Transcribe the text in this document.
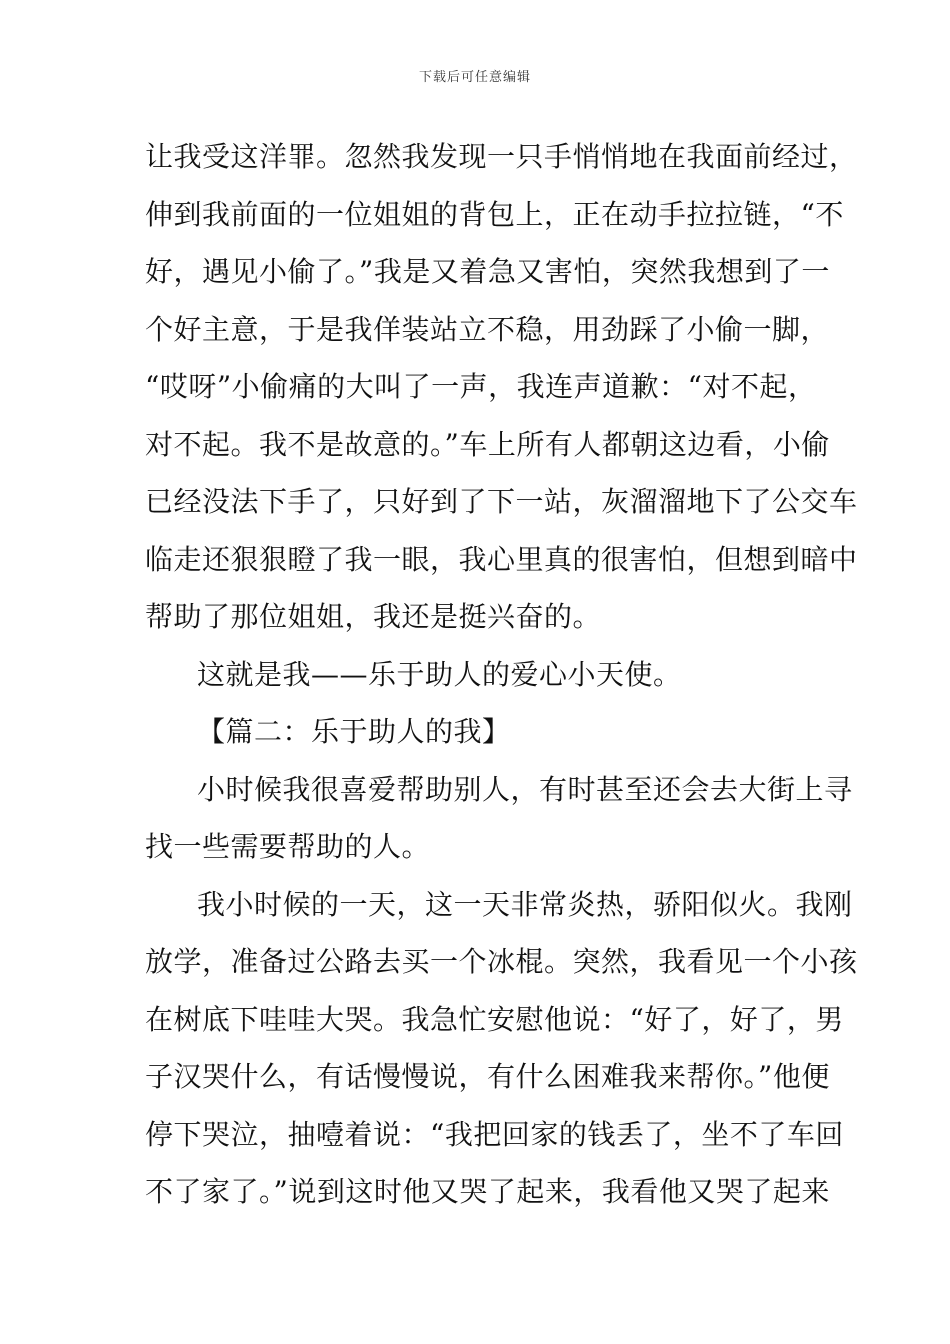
下载后可任意编辑
让我受这洋罪。忽然我发现一只手悄悄地在我面前经过，
伸到我前面的一位姐姐的背包上，正在动手拉拉链，“不
好，遇见小偷了。”我是又着急又害怕，突然我想到了一
个好主意，于是我佯装站立不稳，用劲踩了小偷一脚，
“哎呀”小偷痛的大叫了一声，我连声道歉：“对不起，
对不起。我不是故意的。”车上所有人都朝这边看，小偷
已经没法下手了，只好到了下一站，灰溜溜地下了公交车
临走还狠狠瞪了我一眼，我心里真的很害怕，但想到暗中
帮助了那位姐姐，我还是挺兴奋的。
这就是我——乐于助人的爱心小天使。
【篇二：乐于助人的我】
小时候我很喜爱帮助别人，有时甚至还会去大街上寻
找一些需要帮助的人。
我小时候的一天，这一天非常炎热，骄阳似火。我刚
放学，准备过公路去买一个冰棍。突然，我看见一个小孩
在树底下哇哇大哭。我急忙安慰他说：“好了，好了，男
子汉哭什么，有话慢慢说，有什么困难我来帮你。”他便
停下哭泣，抽噎着说：“我把回家的钱丢了，坐不了车回
不了家了。”说到这时他又哭了起来，我看他又哭了起来
